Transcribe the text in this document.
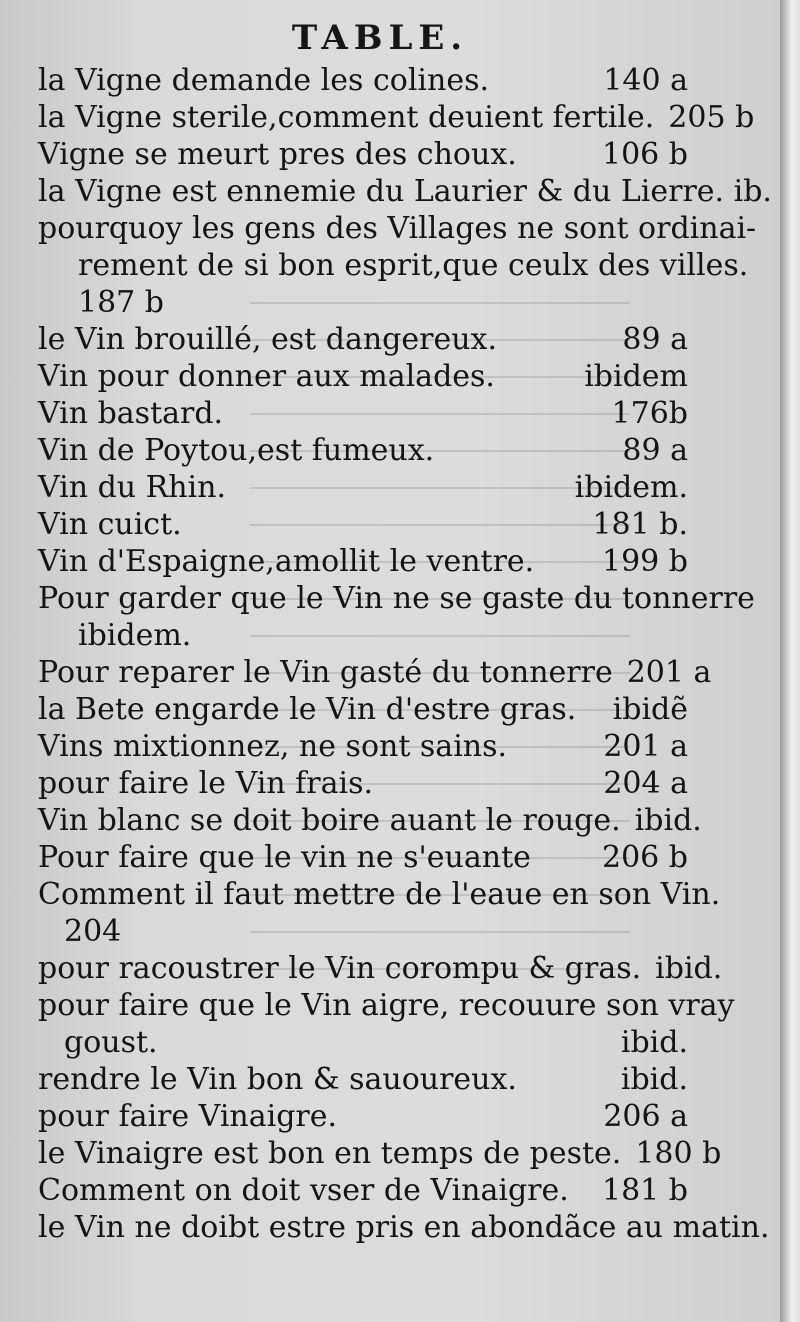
TABLE.
la Vigne demande les colines.	140 a
la Vigne sterile,comment deuient fertile. 205 b
Vigne se meurt pres des choux.	106 b
la Vigne est ennemie du Laurier & du Lierre. ib.
pourquoy les gens des Villages ne sont ordinai-
rement de si bon esprit,que ceulx des villes.
187 b
le Vin brouillé, est dangereux.	89 a
Vin pour donner aux malades.	ibidem
Vin bastard.	176b
Vin de Poytou,est fumeux.	89 a
Vin du Rhin.	ibidem.
Vin cuict.	181 b.
Vin d'Espaigne,amollit le ventre.	199 b
Pour garder que le Vin ne se gaste du tonnerre
ibidem.
Pour reparer le Vin gasté du tonnerre 201 a
la Bete engarde le Vin d'estre gras.	ibidẽ
Vins mixtionnez, ne sont sains.	201 a
pour faire le Vin frais.	204 a
Vin blanc se doit boire auant le rouge. ibid.
Pour faire que le vin ne s'euante	206 b
Comment il faut mettre de l'eaue en son Vin.
204
pour racoustrer le Vin corompu & gras. ibid.
pour faire que le Vin aigre, recouure son vray
goust.	ibid.
rendre le Vin bon & sauoureux.	ibid.
pour faire Vinaigre.	206 a
le Vinaigre est bon en temps de peste. 180 b
Comment on doit vser de Vinaigre.	181 b
le Vin ne doibt estre pris en abondãce au matin.
